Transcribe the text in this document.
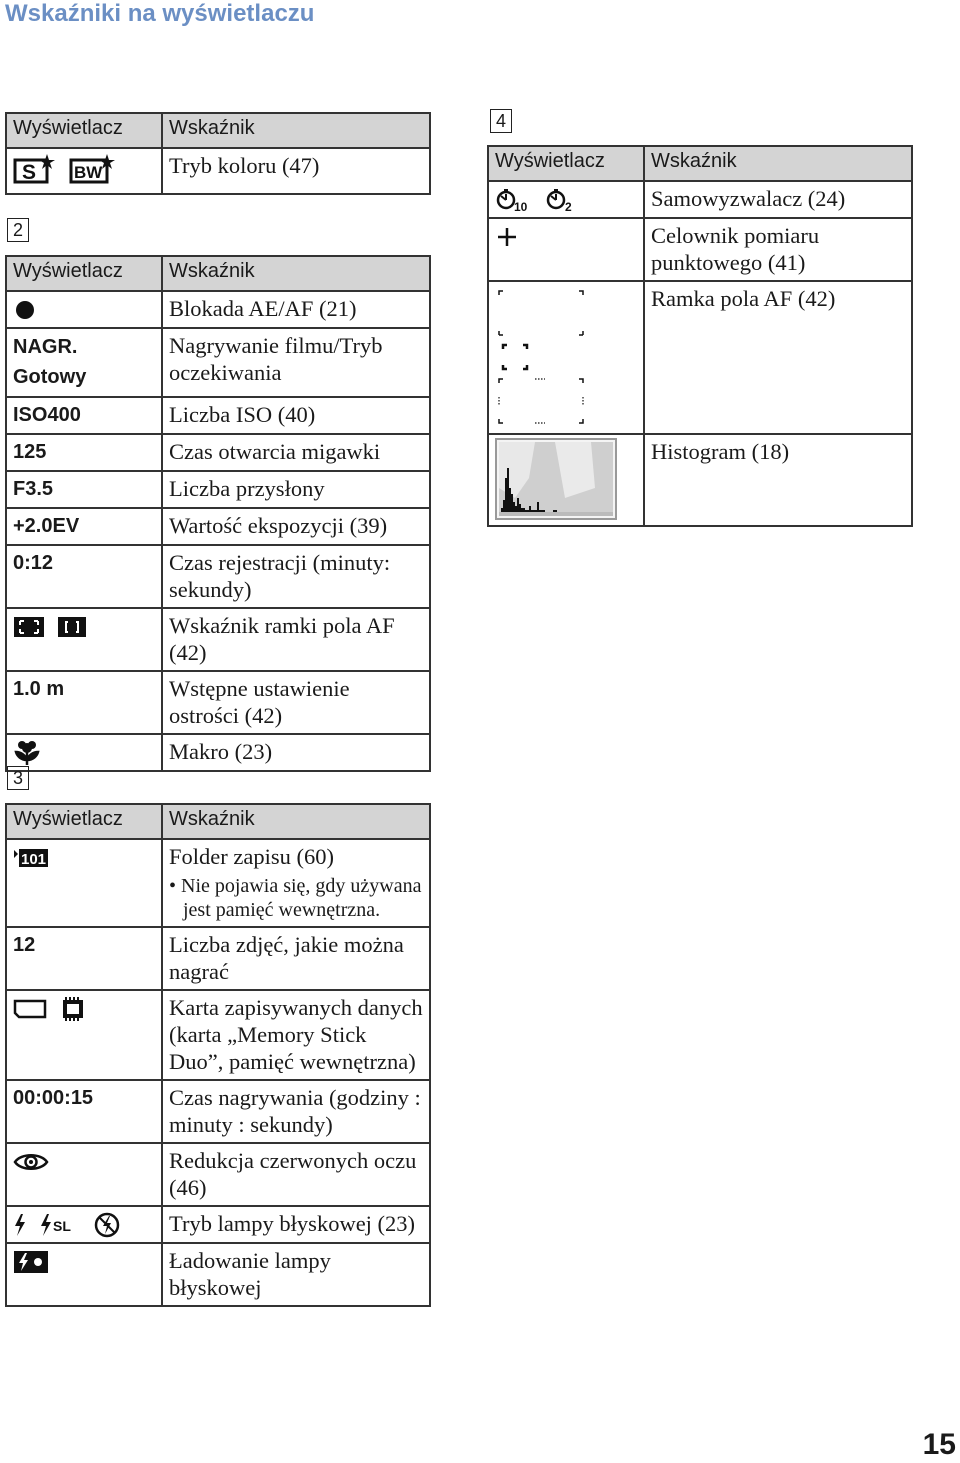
Wskaźniki na wyświetlaczu
Wyświetlacz	Wskaźnik

S
BW	Tryb koloru (47)
2
Wyświetlacz	Wskaźnik

	Blokada AE/AF (21)
NAGR.
Gotowy	Nagrywanie filmu/Tryb oczekiwania
ISO400	Liczba ISO (40)
125	Czas otwarcia migawki
F3.5	Liczba przysłony
+2.0EV	Wartość ekspozycji (39)
0:12	Czas rejestracji (minuty: sekundy)

	Wskaźnik ramki pola AF (42)
1.0 m	Wstępne ustawienie ostrości (42)

	Makro (23)
3
Wyświetlacz	Wskaźnik

101	Folder zapisu (60)
• Nie pojawia się, gdy używana jest pamięć wewnętrzna.

12	Liczba zdjęć, jakie można nagrać

	Karta zapisywanych danych (karta „Memory Stick Duo”, pamięć wewnętrzna)
00:00:15	Czas nagrywania (godziny : minuty : sekundy)

	Redukcja czerwonych oczu (46)

SL	Tryb lampy błyskowej (23)

	Ładowanie lampy błyskowej
4
Wyświetlacz	Wskaźnik

10
2	Samowyzwalacz (24)

	Celownik pomiaru punktowego (41)

	Ramka pola AF (42)

	Histogram (18)
15
